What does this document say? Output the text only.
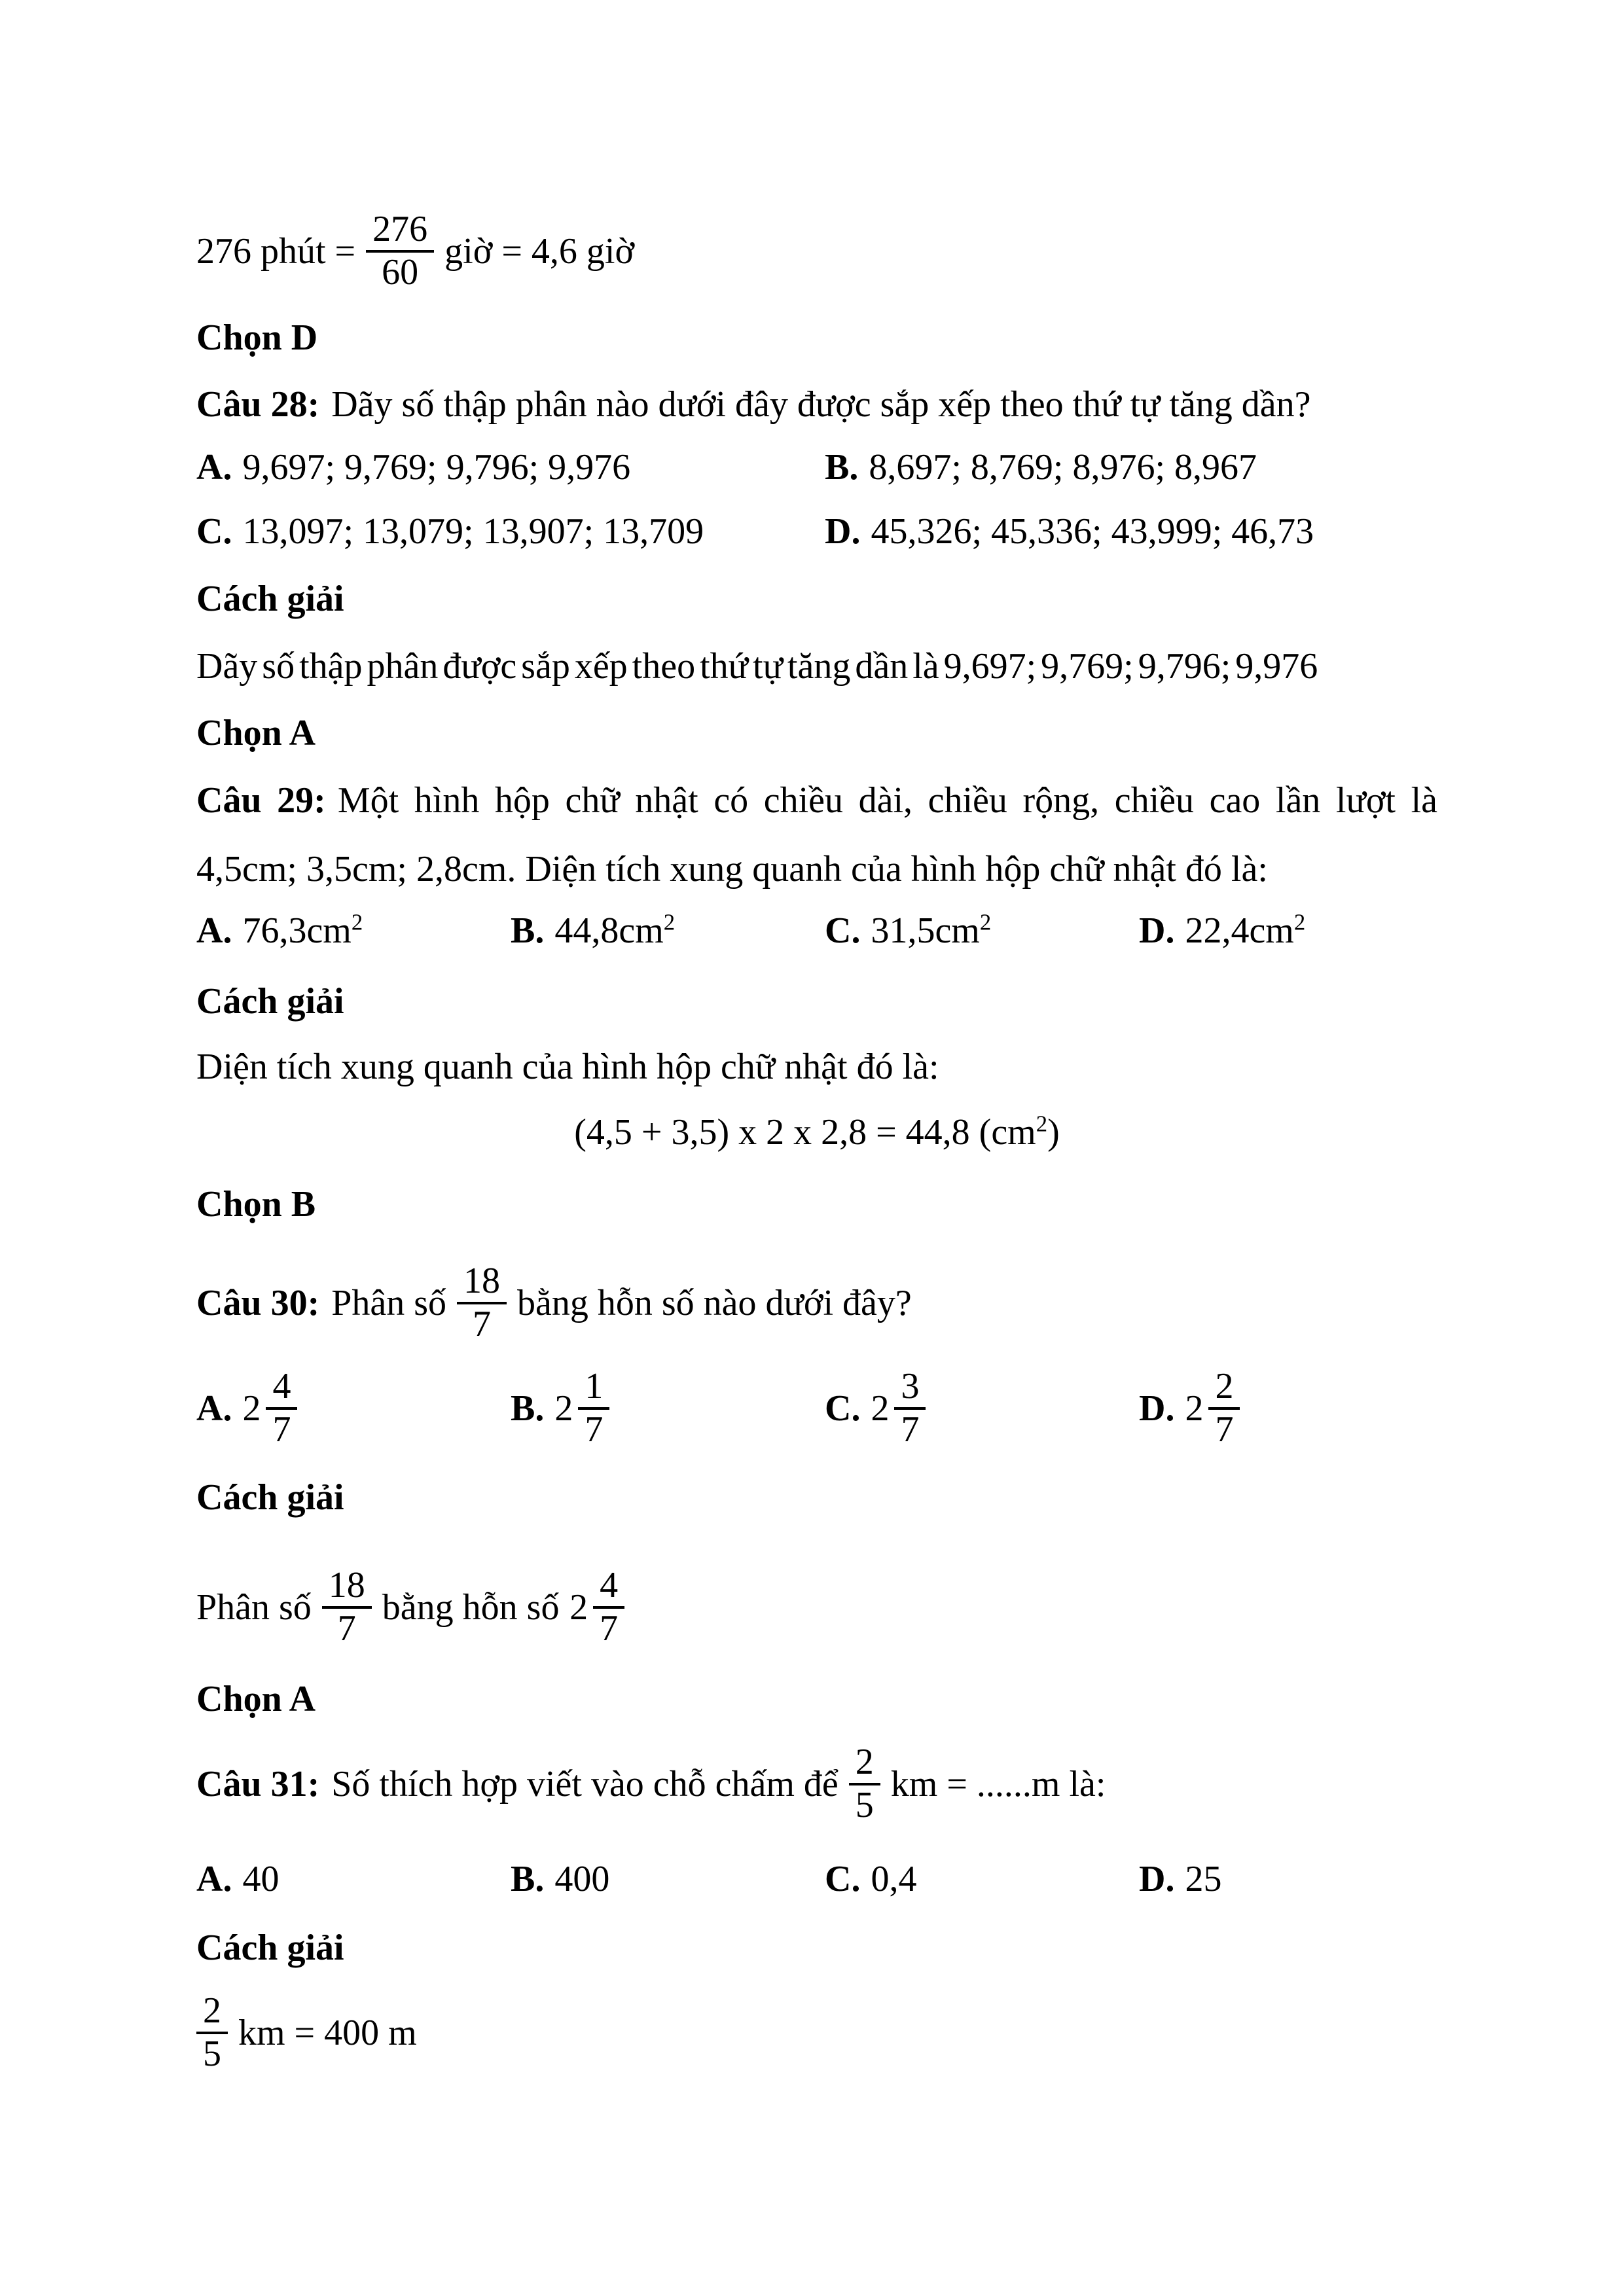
276 phút = $\frac{276}{60}$ giờ = 4,6 giờ
Chọn D
Câu 28: Dãy số thập phân nào dưới đây được sắp xếp theo thứ tự tăng dần?
A. 9,697; 9,769; 9,796; 9,976	B. 8,697; 8,769; 8,976; 8,967
C. 13,097; 13,079; 13,907; 13,709	D. 45,326; 45,336; 43,999; 46,73
Cách giải
Dãy số thập phân được sắp xếp theo thứ tự tăng dần là 9,697; 9,769; 9,796; 9,976
Chọn A
Câu 29: Một hình hộp chữ nhật có chiều dài, chiều rộng, chiều cao lần lượt là
4,5cm; 3,5cm; 2,8cm. Diện tích xung quanh của hình hộp chữ nhật đó là:
A. $76,3cm^2$	B. $44,8cm^2$	C. $31,5cm^2$	D. $22,4cm^2$
Cách giải
Diện tích xung quanh của hình hộp chữ nhật đó là:
(4,5 + 3,5) x 2 x 2,8 = 44,8 $(cm^2)$
Chọn B
Câu 30: Phân số $\frac{18}{7}$ bằng hỗn số nào dưới đây?
A. $2 \frac{4}{7}$	B. $2 \frac{1}{7}$	C. $2 \frac{3}{7}$	D. $2 \frac{2}{7}$
Cách giải
Phân số $\frac{18}{7}$ bằng hỗn số $2 \frac{4}{7}$
Chọn A
Câu 31: Số thích hợp viết vào chỗ chấm để $\frac{2}{5}$ km = ......m là:
A. 40	B. 400	C. 0,4	D. 25
Cách giải
$\frac{2}{5}$ km = 400 m
